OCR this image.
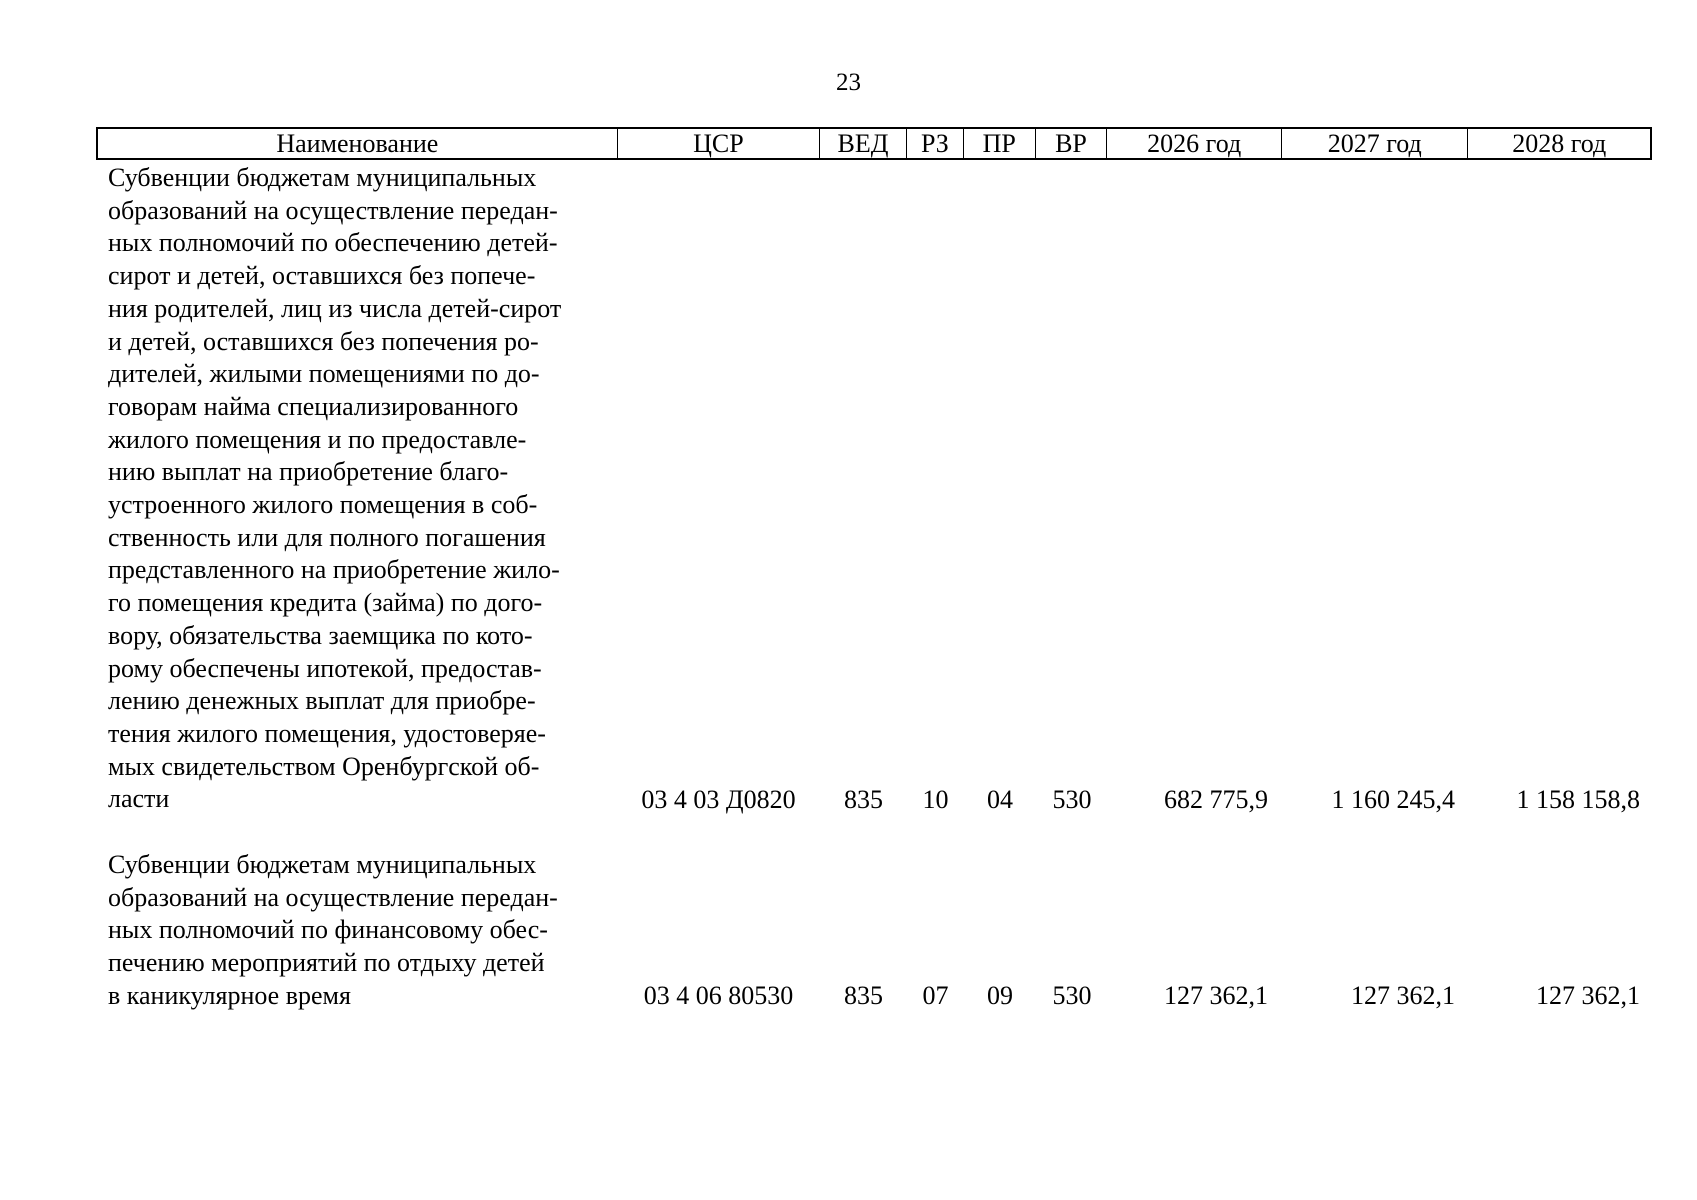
23
Наименование	ЦСР	ВЕД	РЗ	ПР	ВР	2026 год	2027 год	2028 год
Субвенции бюджетам муниципальных
образований на осуществление передан-
ных полномочий по обеспечению детей-
сирот и детей, оставшихся без попече-
ния родителей, лиц из числа детей-сирот
и детей, оставшихся без попечения ро-
дителей, жилыми помещениями по до-
говорам найма специализированного
жилого помещения и по предоставле-
нию выплат на приобретение благо-
устроенного жилого помещения в соб-
ственность или для полного погашения
представленного на приобретение жило-
го помещения кредита (займа) по дого-
вору, обязательства заемщика по кото-
рому обеспечены ипотекой, предостав-
лению денежных выплат для приобре-
тения жилого помещения, удостоверяе-
мых свидетельством Оренбургской об-
ласти	03 4 03 Д0820	835	10	04	530	682 775,9	1 160 245,4	1 158 158,8
Субвенции бюджетам муниципальных
образований на осуществление передан-
ных полномочий по финансовому обес-
печению мероприятий по отдыху детей
в каникулярное время	03 4 06 80530	835	07	09	530	127 362,1	127 362,1	127 362,1
